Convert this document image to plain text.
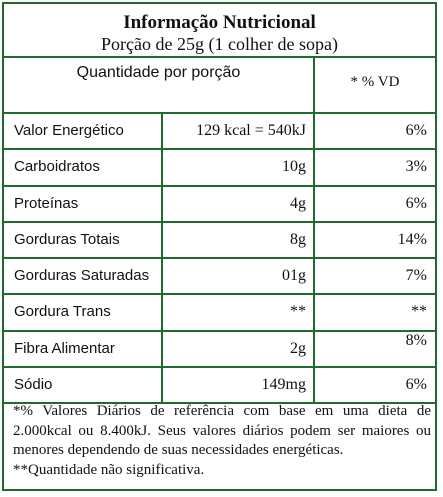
Informação Nutricional
Porção de 25g (1 colher de sopa)
Quantidade por porção
* % VD
Valor Energético	129 kcal = 540kJ	6%
Carboidratos	10g	3%
Proteínas	4g	6%
Gorduras Totais	8g	14%
Gorduras Saturadas	01g	7%
Gordura Trans	**	**
Fibra Alimentar	2g	8%
Sódio	149mg	6%
*% Valores Diários de referência com base em uma dieta de 2.000kcal ou 8.400kJ. Seus valores diários podem ser maiores ou menores dependendo de suas necessidades energéticas.
**Quantidade não significativa.
